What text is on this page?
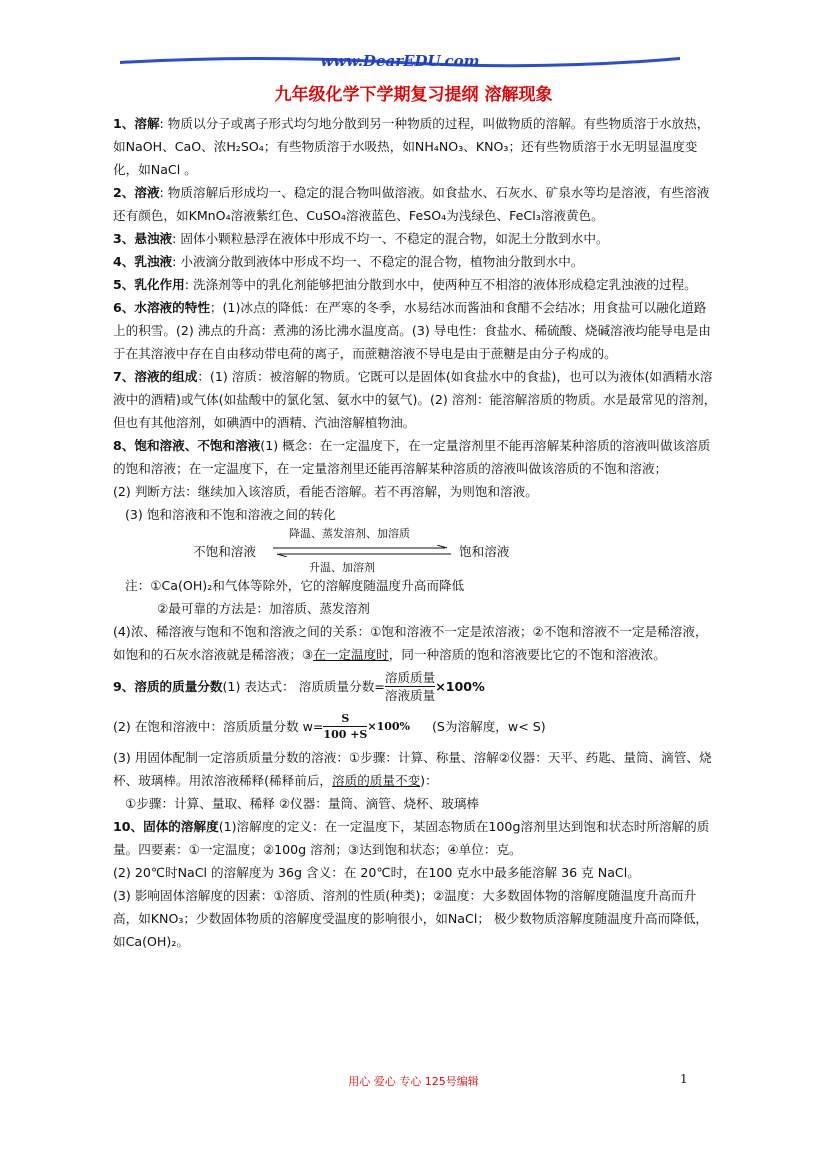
www.DearEDU.com
九年级化学下学期复习提纲 溶解现象

1、溶解: 物质以分子或离子形式均匀地分散到另一种物质的过程，叫做物质的溶解。有些物质溶于水放热，如NaOH、CaO、浓H₂SO₄；有些物质溶于水吸热，如NH₄NO₃、KNO₃；还有些物质溶于水无明显温度变化，如NaCl 。

2、溶液: 物质溶解后形成均一、稳定的混合物叫做溶液。如食盐水、石灰水、矿泉水等均是溶液，有些溶液还有颜色，如KMnO₄溶液紫红色、CuSO₄溶液蓝色、FeSO₄为浅绿色、FeCl₃溶液黄色。

3、悬浊液: 固体小颗粒悬浮在液体中形成不均一、不稳定的混合物，如泥土分散到水中。

4、乳浊液: 小液滴分散到液体中形成不均一、不稳定的混合物，植物油分散到水中。

5、乳化作用: 洗涤剂等中的乳化剂能够把油分散到水中，使两种互不相溶的液体形成稳定乳浊液的过程。

6、水溶液的特性；(1)冰点的降低：在严寒的冬季，水易结冰而酱油和食醋不会结冰；用食盐可以融化道路上的积雪。(2) 沸点的升高：煮沸的汤比沸水温度高。(3) 导电性：食盐水、稀硫酸、烧碱溶液均能导电是由于在其溶液中存在自由移动带电荷的离子，而蔗糖溶液不导电是由于蔗糖是由分子构成的。

7、溶液的组成：(1) 溶质：被溶解的物质。它既可以是固体(如食盐水中的食盐)，也可以为液体(如酒精水溶液中的酒精)或气体(如盐酸中的氯化氢、氨水中的氨气)。(2) 溶剂：能溶解溶质的物质。水是最常见的溶剂，但也有其他溶剂，如碘酒中的酒精、汽油溶解植物油。

8、饱和溶液、不饱和溶液(1) 概念：在一定温度下，在一定量溶剂里不能再溶解某种溶质的溶液叫做该溶质的饱和溶液；在一定温度下，在一定量溶剂里还能再溶解某种溶质的溶液叫做该溶质的不饱和溶液；

(2) 判断方法：继续加入该溶质，看能否溶解。若不再溶解，为则饱和溶液。

(3) 饱和溶液和不饱和溶液之间的转化

不饱和溶液
降温、蒸发溶剂、加溶质
饱和溶液
升温、加溶剂

注：①Ca(OH)₂和气体等除外，它的溶解度随温度升高而降低

②最可靠的方法是：加溶质、蒸发溶剂

(4)浓、稀溶液与饱和不饱和溶液之间的关系：①饱和溶液不一定是浓溶液；②不饱和溶液不一定是稀溶液，如饱和的石灰水溶液就是稀溶液；③在一定温度时，同一种溶质的饱和溶液要比它的不饱和溶液浓。

9、溶质的质量分数 (1) 表达式： 溶质质量分数= $\frac{\text{溶质质量}}{\text{溶液质量}} \times 100\%$
(2) 在饱和溶液中：溶质质量分数 $w= \frac{S}{100 +S} \times 100\%$	(S为溶解度，w< S)

(3) 用固体配制一定溶质质量分数的溶液：①步骤：计算、称量、溶解②仪器：天平、药匙、量筒、滴管、烧杯、玻璃棒。用浓溶液稀释(稀释前后，溶质的质量不变)：

①步骤：计算、量取、稀释 ②仪器：量筒、滴管、烧杯、玻璃棒

10、固体的溶解度(1)溶解度的定义：在一定温度下，某固态物质在100g溶剂里达到饱和状态时所溶解的质量。四要素：①一定温度；②100g 溶剂；③达到饱和状态；④单位：克。

(2) 20℃时NaCl 的溶解度为 36g 含义：在 20℃时，在100 克水中最多能溶解 36 克 NaCl。

(3) 影响固体溶解度的因素：①溶质、溶剂的性质(种类)；②温度：大多数固体物的溶解度随温度升高而升高，如KNO₃；少数固体物质的溶解度受温度的影响很小，如NaCl； 极少数物质溶解度随温度升高而降低，如Ca(OH)₂。

用心 爱心 专心 125号编辑	1
